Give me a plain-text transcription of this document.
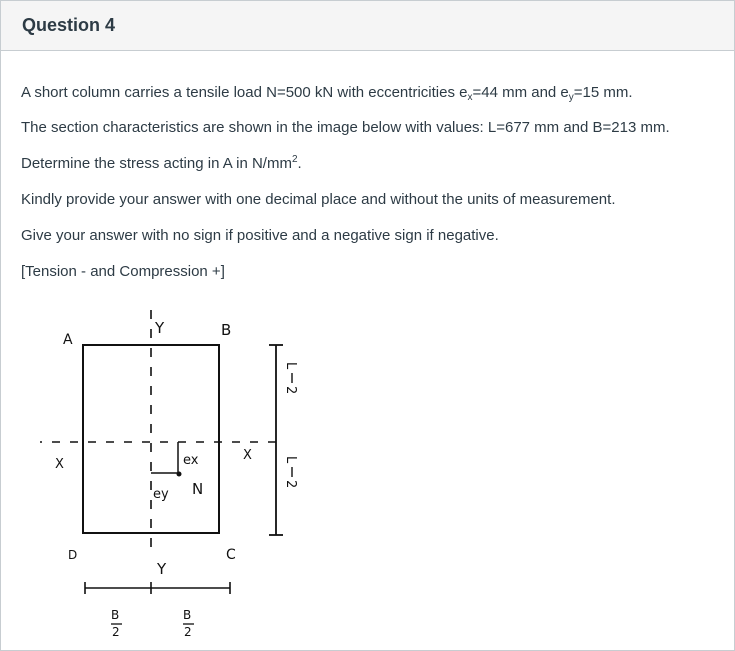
Question 4
A short column carries a tensile load N=500 kN with eccentricities $e_x=44$ mm and $e_y=15$ mm.
The section characteristics are shown in the image below with values: L=677 mm and B=213 mm.
Determine the stress acting in A in $N/mm^2$.
Kindly provide your answer with one decimal place and without the units of measurement.
Give your answer with no sign if positive and a negative sign if negative.
[Tension - and Compression +]
A
B
C
D
Y
Y
X
X
ex
ey N
L
2
L
2
B
2
B
2
